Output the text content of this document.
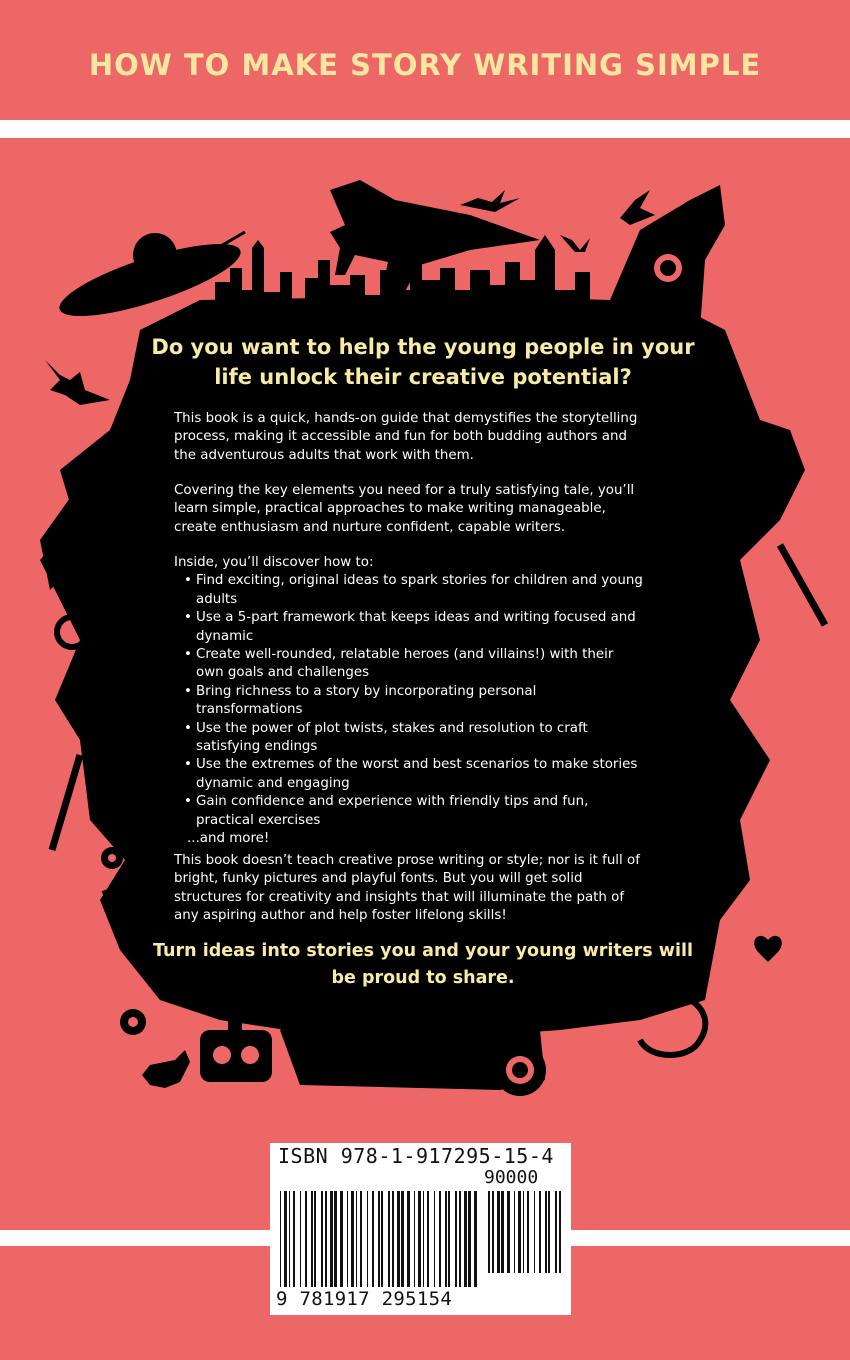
HOW TO MAKE STORY WRITING SIMPLE
Do you want to help the young people in your life unlock their creative potential?
This book is a quick, hands-on guide that demystifies the storytelling process, making it accessible and fun for both budding authors and the adventurous adults that work with them.
Covering the key elements you need for a truly satisfying tale, you’ll learn simple, practical approaches to make writing manageable, create enthusiasm and nurture confident, capable writers.
Inside, you’ll discover how to:
• Find exciting, original ideas to spark stories for children and young adults
• Use a 5-part framework that keeps ideas and writing focused and dynamic
• Create well-rounded, relatable heroes (and villains!) with their own goals and challenges
• Bring richness to a story by incorporating personal transformations
• Use the power of plot twists, stakes and resolution to craft satisfying endings
• Use the extremes of the worst and best scenarios to make stories dynamic and engaging
• Gain confidence and experience with friendly tips and fun, practical exercises
...and more!
This book doesn’t teach creative prose writing or style; nor is it full of bright, funky pictures and playful fonts. But you will get solid structures for creativity and insights that will illuminate the path of any aspiring author and help foster lifelong skills!
Turn ideas into stories you and your young writers will be proud to share.
ISBN 978-1-917295-15-4
90000
9 781917 295154
